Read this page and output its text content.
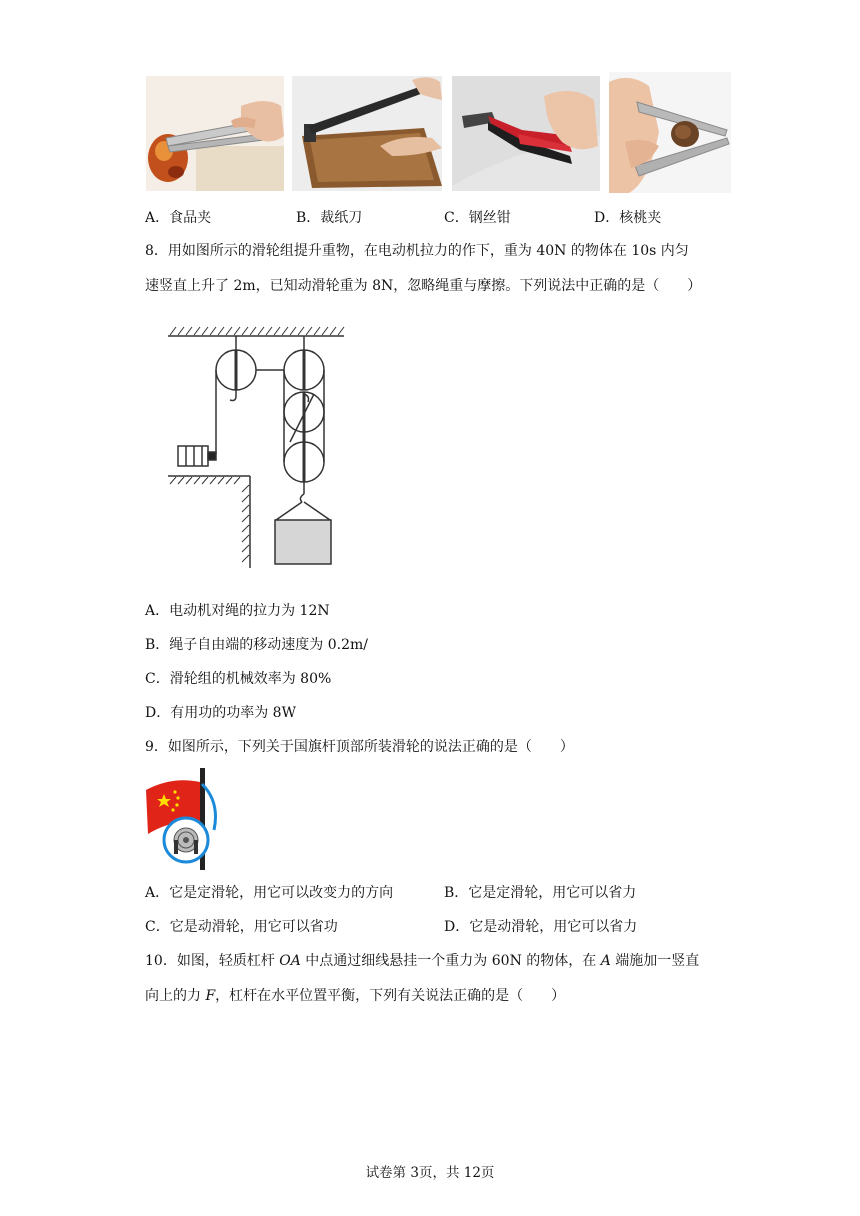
A．食品夹	B．裁纸刀	C．钢丝钳	D．核桃夹
8．用如图所示的滑轮组提升重物，在电动机拉力的作下，重为 40N 的物体在 10s 内匀
速竖直上升了 2m，已知动滑轮重为 8N，忽略绳重与摩擦。下列说法中正确的是（　　）
A．电动机对绳的拉力为 12N
B．绳子自由端的移动速度为 0.2m/
C．滑轮组的机械效率为 80%
D．有用功的功率为 8W
9．如图所示，下列关于国旗杆顶部所装滑轮的说法正确的是（　　）
A．它是定滑轮，用它可以改变力的方向	B．它是定滑轮，用它可以省力
C．它是动滑轮，用它可以省功	D．它是动滑轮，用它可以省力
10．如图，轻质杠杆 OA 中点通过细线悬挂一个重力为 60N 的物体，在 A 端施加一竖直
向上的力 F，杠杆在水平位置平衡，下列有关说法正确的是（　　）
试卷第 3页，共 12页
